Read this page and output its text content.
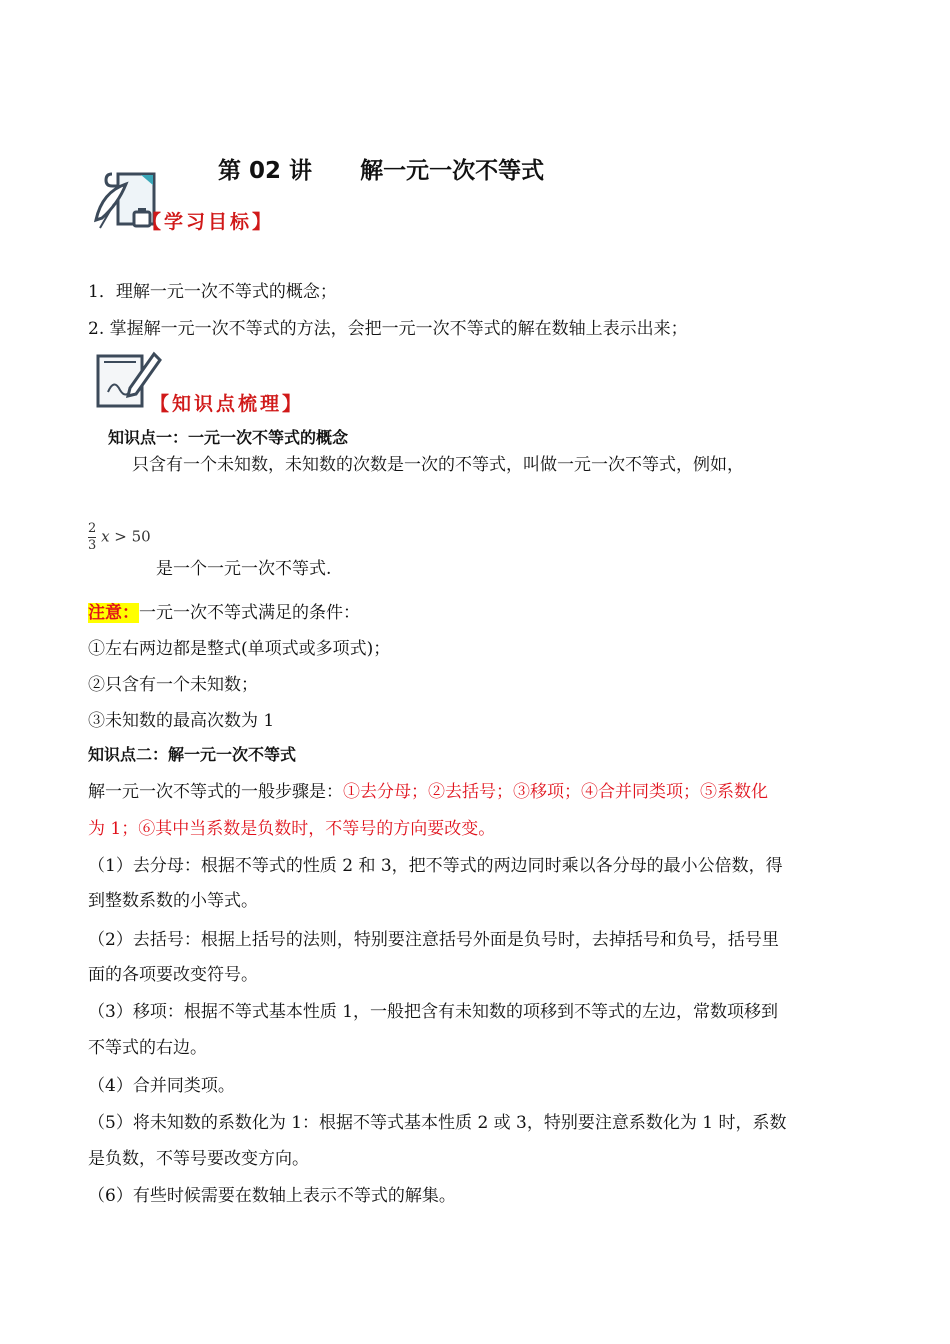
第 02 讲 解一元一次不等式

【学习目标】
1．理解一元一次不等式的概念；
2. 掌握解一元一次不等式的方法，会把一元一次不等式的解在数轴上表示出来；
【知识点梳理】
知识点一：一元一次不等式的概念
只含有一个未知数，未知数的次数是一次的不等式，叫做一元一次不等式，例如，
$\frac{2}{3}$ x > 50
是一个一元一次不等式.
注意：一元一次不等式满足的条件：
①左右两边都是整式(单项式或多项式)；
②只含有一个未知数；
③未知数的最高次数为 1
知识点二：解一元一次不等式
解一元一次不等式的一般步骤是：①去分母；②去括号；③移项；④合并同类项；⑤系数化
为 1；⑥其中当系数是负数时，不等号的方向要改变。
（1）去分母：根据不等式的性质 2 和 3，把不等式的两边同时乘以各分母的最小公倍数，得
到整数系数的小等式。
（2）去括号：根据上括号的法则，特别要注意括号外面是负号时，去掉括号和负号，括号里
面的各项要改变符号。
（3）移项：根据不等式基本性质 1，一般把含有未知数的项移到不等式的左边，常数项移到
不等式的右边。
（4）合并同类项。
（5）将未知数的系数化为 1：根据不等式基本性质 2 或 3，特别要注意系数化为 1 时，系数
是负数，不等号要改变方向。
（6）有些时候需要在数轴上表示不等式的解集。
